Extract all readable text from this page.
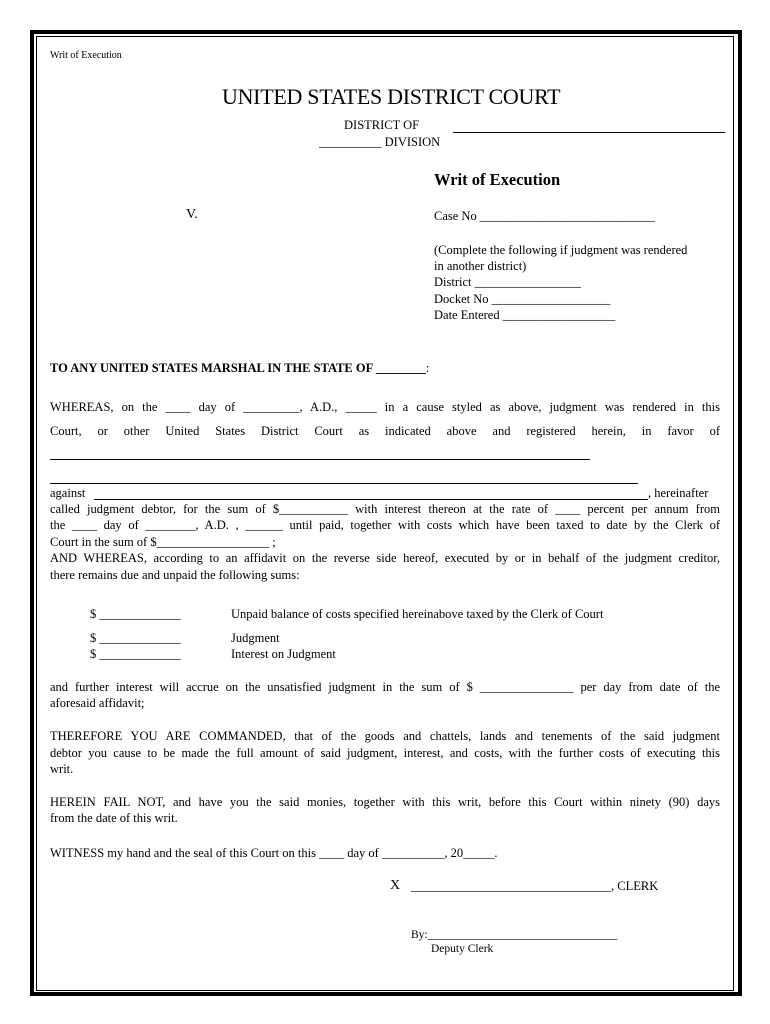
Writ of Execution
UNITED STATES DISTRICT COURT
DISTRICT OF
__________ DIVISION
Writ of Execution
V.	Case No ____________________________
(Complete the following if judgment was rendered
in another district)
District _________________
Docket No ___________________
Date Entered __________________
TO ANY UNITED STATES MARSHAL IN THE STATE OF ________:
WHEREAS, on the ____ day of _________, A.D., _____ in a cause styled as above, judgment was rendered in this
Court, or other United States District Court as indicated above and registered herein, in favor of
against	, hereinafter
called judgment debtor, for the sum of $___________ with interest thereon at the rate of ____ percent per annum from
the ____ day of ________, A.D. , ______ until paid, together with costs which have been taxed to date by the Clerk of
Court in the sum of $__________________ ;
AND WHEREAS, according to an affidavit on the reverse side hereof, executed by or in behalf of the judgment creditor,
there remains due and unpaid the following sums:
$ _____________	Unpaid balance of costs specified hereinabove taxed by the Clerk of Court
$ _____________	Judgment
$ _____________	Interest on Judgment
and further interest will accrue on the unsatisfied judgment in the sum of $ _______________ per day from date of the
aforesaid affidavit;
THEREFORE YOU ARE COMMANDED, that of the goods and chattels, lands and tenements of the said judgment
debtor you cause to be made the full amount of said judgment, interest, and costs, with the further costs of executing this
writ.
HEREIN FAIL NOT, and have you the said monies, together with this writ, before this Court within ninety (90) days
from the date of this writ.
WITNESS my hand and the seal of this Court on this ____ day of __________, 20_____.
X ________________________________, CLERK
By:_________________________________
Deputy Clerk
